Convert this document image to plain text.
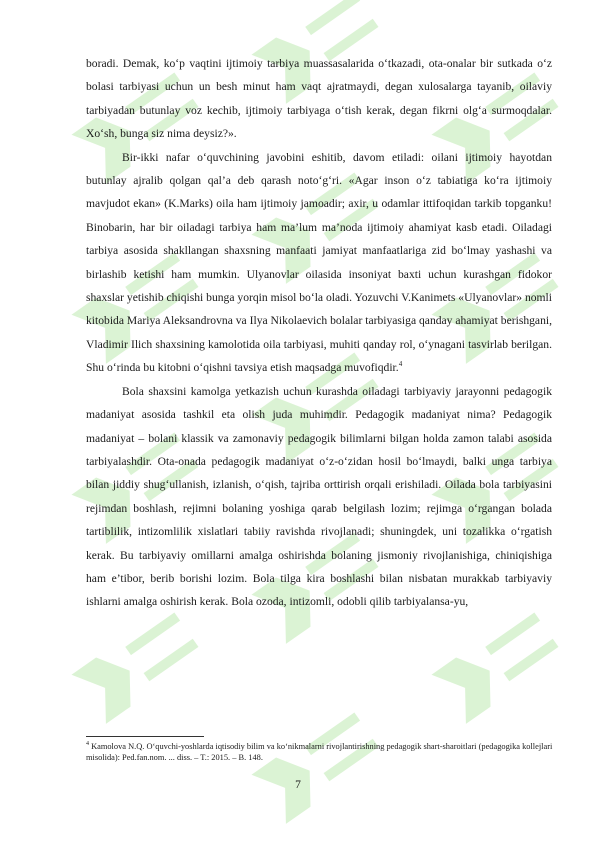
boradi. Demak, ko‘p vaqtini ijtimoiy tarbiya muassasalarida o‘tkazadi, ota-onalar bir sutkada o‘z bolasi tarbiyasi uchun un besh minut ham vaqt ajratmaydi, degan xulosalarga tayanib, oilaviy tarbiyadan butunlay voz kechib, ijtimoiy tarbiyaga o‘tish kerak, degan fikrni olg‘a surmoqdalar. Xo‘sh, bunga siz nima deysiz?».

Bir-ikki nafar o‘quvchining javobini eshitib, davom etiladi: oilani ijtimoiy hayotdan butunlay ajralib qolgan qal’a deb qarash noto‘g‘ri. «Agar inson o‘z tabiatiga ko‘ra ijtimoiy mavjudot ekan» (K.Marks) oila ham ijtimoiy jamoadir; axir, u odamlar ittifoqidan tarkib topganku! Binobarin, har bir oiladagi tarbiya ham ma’lum ma’noda ijtimoiy ahamiyat kasb etadi. Oiladagi tarbiya asosida shakllangan shaxsning manfaati jamiyat manfaatlariga zid bo‘lmay yashashi va birlashib ketishi ham mumkin. Ulyanovlar oilasida insoniyat baxti uchun kurashgan fidokor shaxslar yetishib chiqishi bunga yorqin misol bo‘la oladi. Yozuvchi V.Kanimets «Ulyanovlar» nomli kitobida Mariya Aleksandrovna va Ilya Nikolaevich bolalar tarbiyasiga qanday ahamiyat berishgani, Vladimir Ilich shaxsining kamolotida oila tarbiyasi, muhiti qanday rol, o‘ynagani tasvirlab berilgan. Shu o‘rinda bu kitobni o‘qishni tavsiya etish maqsadga muvofiqdir.$^4$

Bola shaxsini kamolga yetkazish uchun kurashda oiladagi tarbiyaviy jarayonni pedagogik madaniyat asosida tashkil eta olish juda muhimdir. Pedagogik madaniyat nima? Pedagogik madaniyat – bolani klassik va zamonaviy pedagogik bilimlarni bilgan holda zamon talabi asosida tarbiyalashdir. Ota-onada pedagogik madaniyat o‘z-o‘zidan hosil bo‘lmaydi, balki unga tarbiya bilan jiddiy shug‘ullanish, izlanish, o‘qish, tajriba orttirish orqali erishiladi. Oilada bola tarbiyasini rejimdan boshlash, rejimni bolaning yoshiga qarab belgilash lozim; rejimga o‘rgangan bolada tartiblilik, intizomlilik xislatlari tabiiy ravishda rivojlanadi; shuningdek, uni tozalikka o‘rgatish kerak. Bu tarbiyaviy omillarni amalga oshirishda bolaning jismoniy rivojlanishiga, chiniqishiga ham e’tibor, berib borishi lozim. Bola tilga kira boshlashi bilan nisbatan murakkab tarbiyaviy ishlarni amalga oshirish kerak. Bola ozoda, intizomli, odobli qilib tarbiyalansa-yu,

$^4$ Kamolova N.Q. O‘quvchi-yoshlarda iqtisodiy bilim va ko‘nikmalarni rivojlantirishning pedagogik shart-sharoitlari (pedagogika kollejlari misolida): Ped.fan.nom. ... diss. – T.: 2015. – B. 148.

7
